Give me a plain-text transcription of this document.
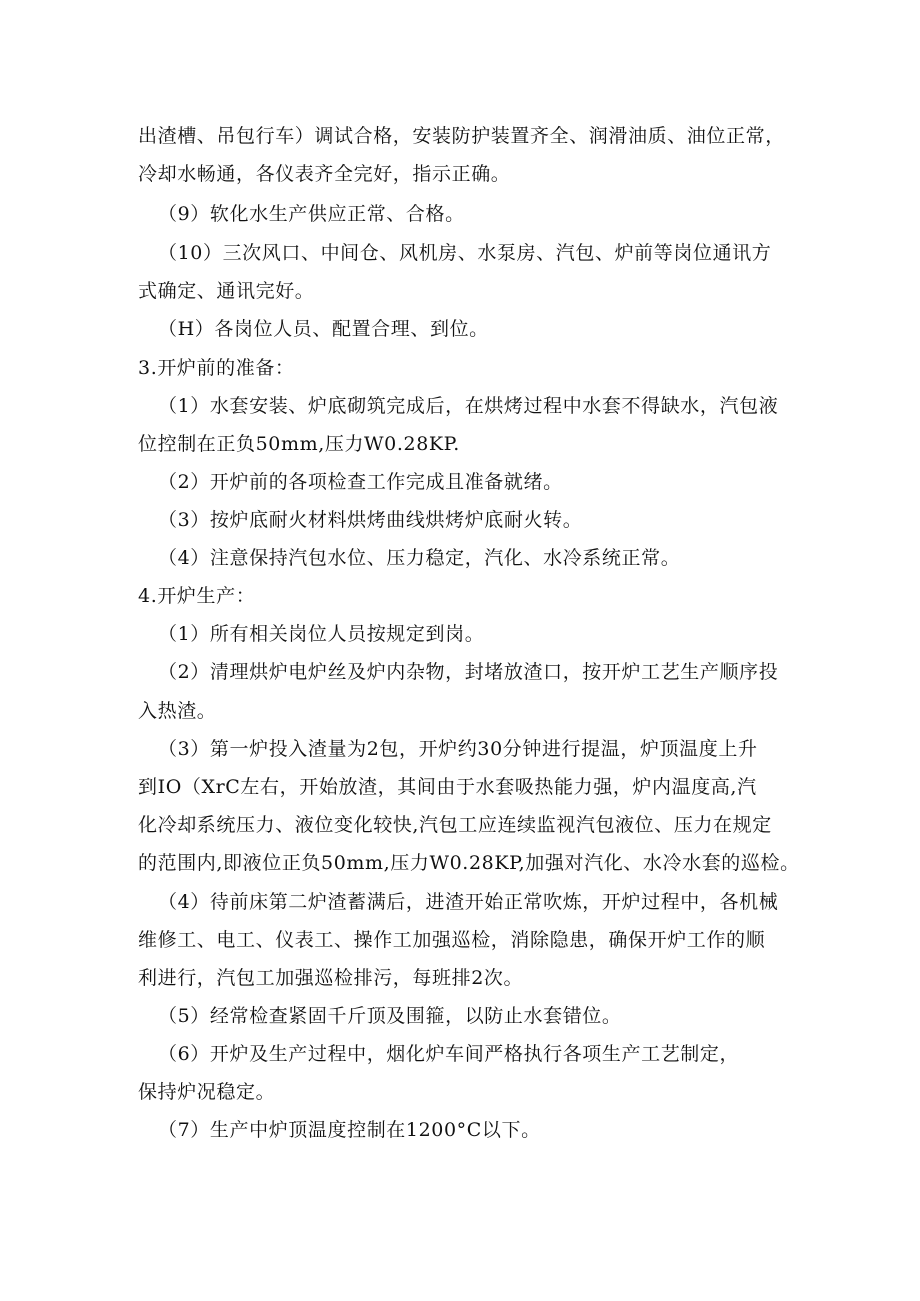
出渣槽、吊包行车）调试合格，安装防护装置齐全、润滑油质、油位正常，
冷却水畅通，各仪表齐全完好，指示正确。
（9）软化水生产供应正常、合格。
（10）三次风口、中间仓、风机房、水泵房、汽包、炉前等岗位通讯方
式确定、通讯完好。
（H）各岗位人员、配置合理、到位。
3.开炉前的准备：
（1）水套安装、炉底砌筑完成后，在烘烤过程中水套不得缺水，汽包液
位控制在正负50mm,压力W0.28KP.
（2）开炉前的各项检查工作完成且准备就绪。
（3）按炉底耐火材料烘烤曲线烘烤炉底耐火转。
（4）注意保持汽包水位、压力稳定，汽化、水冷系统正常。
4.开炉生产：
（1）所有相关岗位人员按规定到岗。
（2）清理烘炉电炉丝及炉内杂物，封堵放渣口，按开炉工艺生产顺序投
入热渣。
（3）第一炉投入渣量为2包，开炉约30分钟进行提温，炉顶温度上升
到IO（XrC左右，开始放渣，其间由于水套吸热能力强，炉内温度高,汽
化冷却系统压力、液位变化较快,汽包工应连续监视汽包液位、压力在规定
的范围内,即液位正负50mm,压力W0.28KP,加强对汽化、水冷水套的巡检。
（4）待前床第二炉渣蓄满后，进渣开始正常吹炼，开炉过程中，各机械
维修工、电工、仪表工、操作工加强巡检，消除隐患，确保开炉工作的顺
利进行，汽包工加强巡检排污，每班排2次。
（5）经常检查紧固千斤顶及围箍，以防止水套错位。
（6）开炉及生产过程中，烟化炉车间严格执行各项生产工艺制定，
保持炉况稳定。
（7）生产中炉顶温度控制在1200°C以下。
